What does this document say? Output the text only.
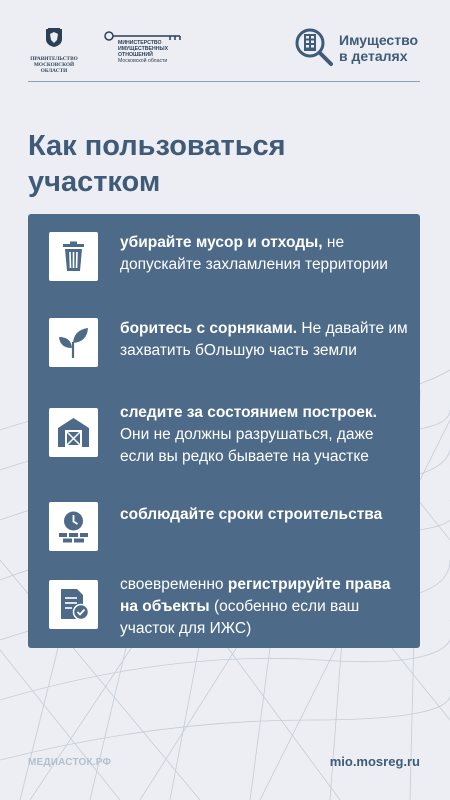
ПРАВИТЕЛЬСТВО
МОСКОВСКОЙ
ОБЛАСТИ
МИНИСТЕРСТВО
ИМУЩЕСТВЕННЫХ
ОТНОШЕНИЙ
Московской области
Имущество
в деталях
Как пользоваться
участком
убирайте мусор и отходы, не допускайте захламления территории
боритесь с сорняками. Не давайте им захватить бОльшую часть земли
следите за состоянием построек. Они не должны разрушаться, даже если вы редко бываете на участке
соблюдайте сроки строительства
своевременно регистрируйте права на объекты (особенно если ваш участок для ИЖС)
МЕДИАСТОК.РФ	mio.mosreg.ru
